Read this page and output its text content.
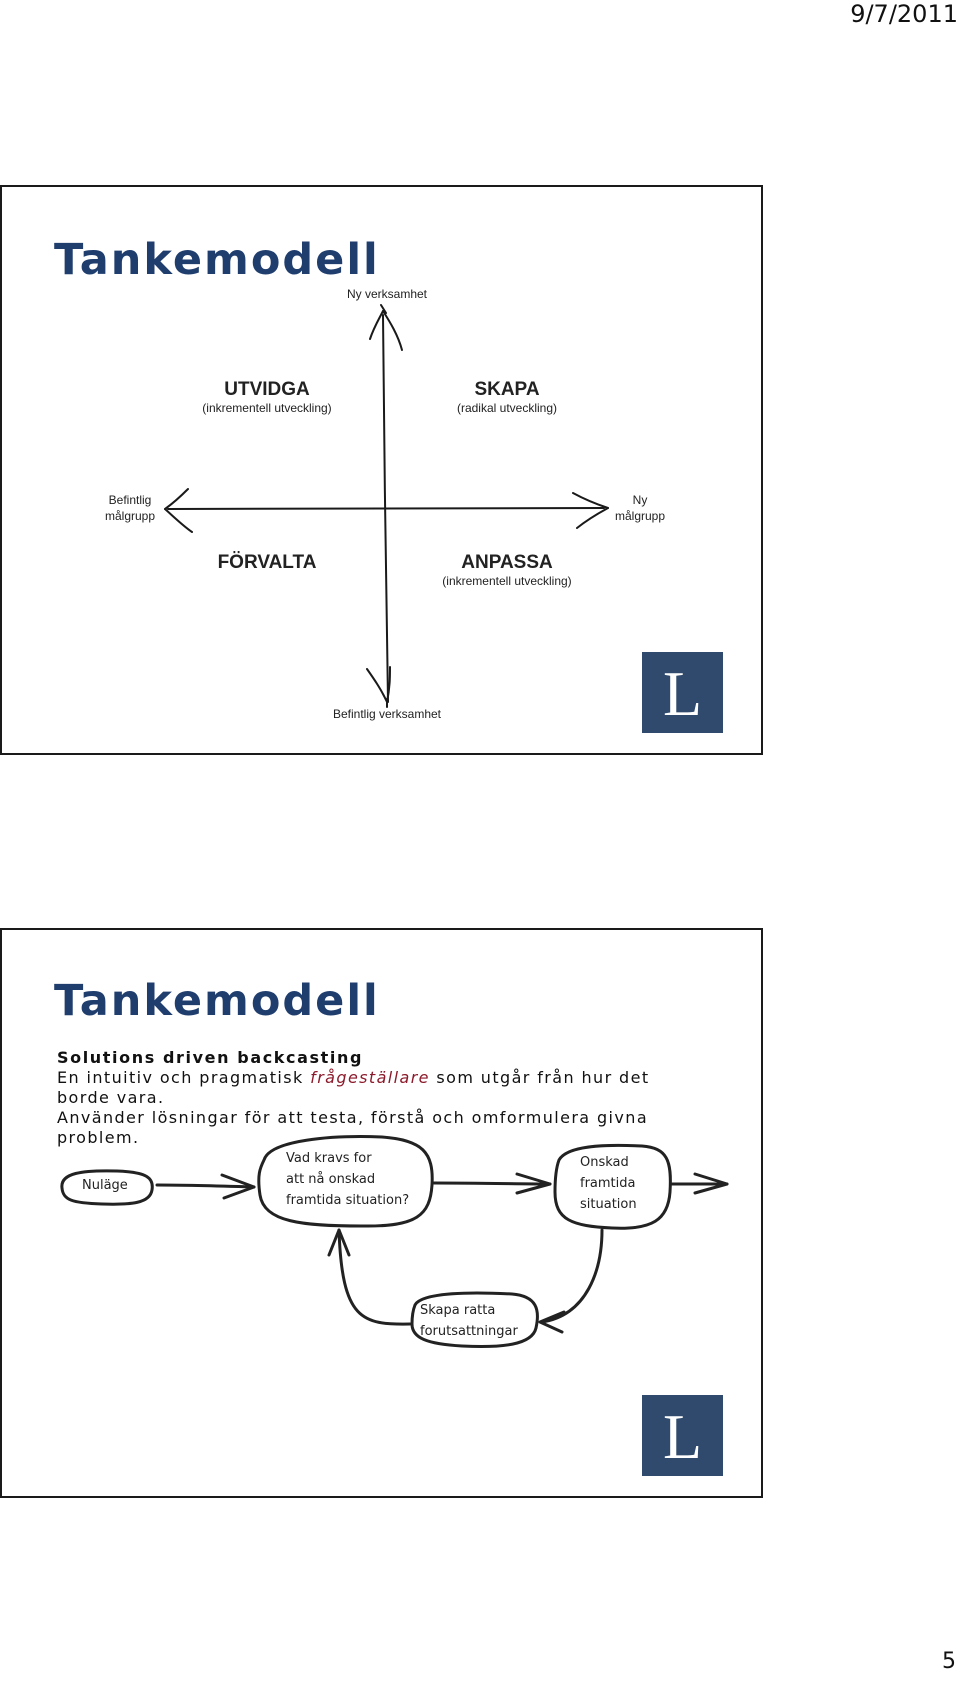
9/7/2011
Tankemodell
Ny verksamhet
Befintlig verksamhet
Befintlig
målgrupp
Ny
målgrupp
UTVIDGA
(inkrementell utveckling)
SKAPA
(radikal utveckling)
FÖRVALTA	ANPASSA
(inkrementell utveckling)
L
Tankemodell

Solutions driven backcasting

En intuitiv och pragmatisk frågeställare som utgår från hur det borde vara.

Använder lösningar för att testa, förstå och omformulera givna problem.

Nuläge
Vad kravs for
att nå onskad
framtida situation?
Onskad
framtida
situation
Skapa ratta
forutsattningar
L
5
